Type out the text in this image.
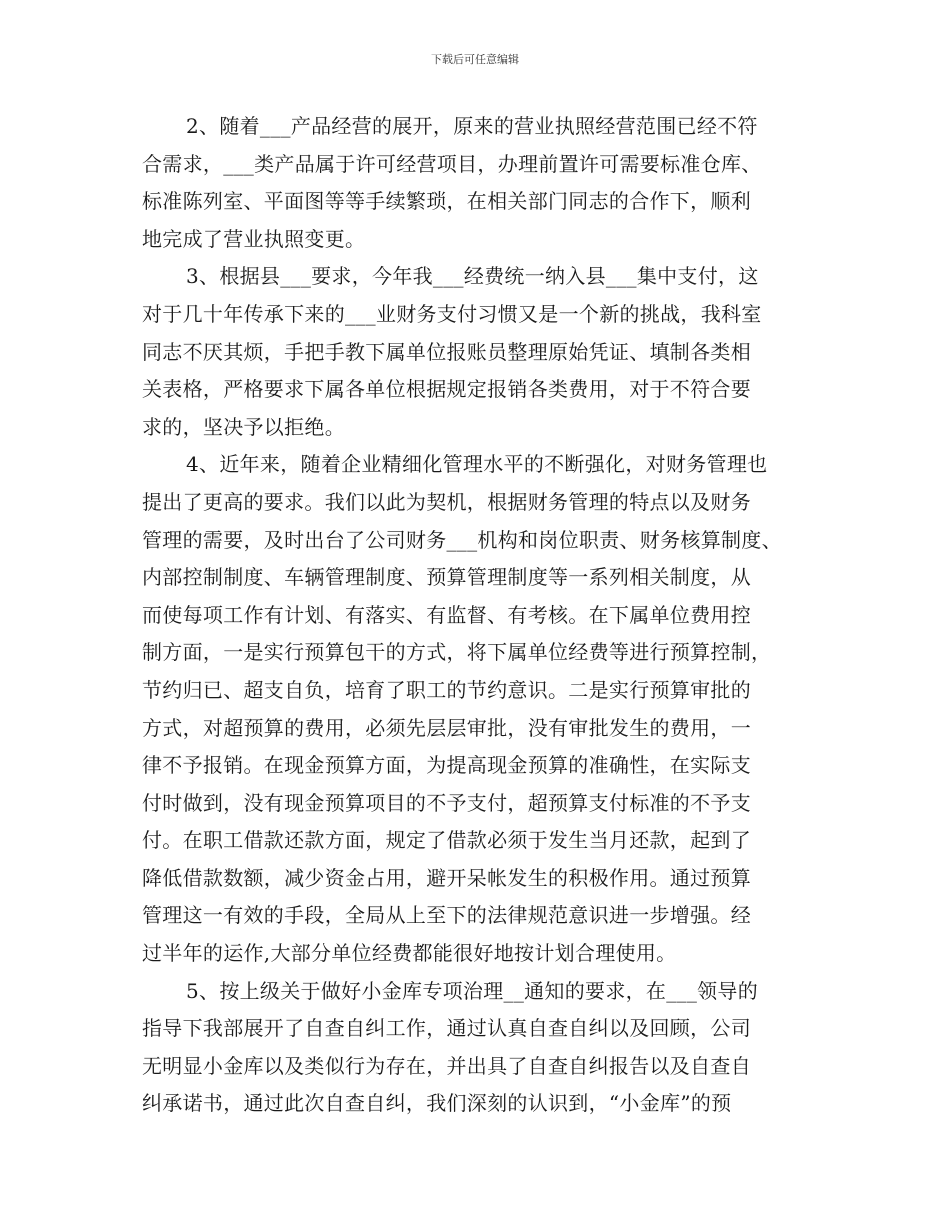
下载后可任意编辑
2、随着___产品经营的展开，原来的营业执照经营范围已经不符
合需求，___类产品属于许可经营项目，办理前置许可需要标准仓库、
标准陈列室、平面图等等手续繁琐，在相关部门同志的合作下，顺利
地完成了营业执照变更。
3、根据县___要求，今年我___经费统一纳入县___集中支付，这
对于几十年传承下来的___业财务支付习惯又是一个新的挑战，我科室
同志不厌其烦，手把手教下属单位报账员整理原始凭证、填制各类相
关表格，严格要求下属各单位根据规定报销各类费用，对于不符合要
求的，坚决予以拒绝。
4、近年来，随着企业精细化管理水平的不断强化，对财务管理也
提出了更高的要求。我们以此为契机，根据财务管理的特点以及财务
管理的需要，及时出台了公司财务___机构和岗位职责、财务核算制度、
内部控制制度、车辆管理制度、预算管理制度等一系列相关制度，从
而使每项工作有计划、有落实、有监督、有考核。在下属单位费用控
制方面，一是实行预算包干的方式，将下属单位经费等进行预算控制，
节约归已、超支自负，培育了职工的节约意识。二是实行预算审批的
方式，对超预算的费用，必须先层层审批，没有审批发生的费用，一
律不予报销。在现金预算方面，为提高现金预算的准确性，在实际支
付时做到，没有现金预算项目的不予支付，超预算支付标准的不予支
付。在职工借款还款方面，规定了借款必须于发生当月还款，起到了
降低借款数额，减少资金占用，避开呆帐发生的积极作用。通过预算
管理这一有效的手段，全局从上至下的法律规范意识进一步增强。经
过半年的运作,大部分单位经费都能很好地按计划合理使用。
5、按上级关于做好小金库专项治理__通知的要求，在___领导的
指导下我部展开了自查自纠工作，通过认真自查自纠以及回顾，公司
无明显小金库以及类似行为存在，并出具了自查自纠报告以及自查自
纠承诺书，通过此次自查自纠，我们深刻的认识到，“小金库”的预
